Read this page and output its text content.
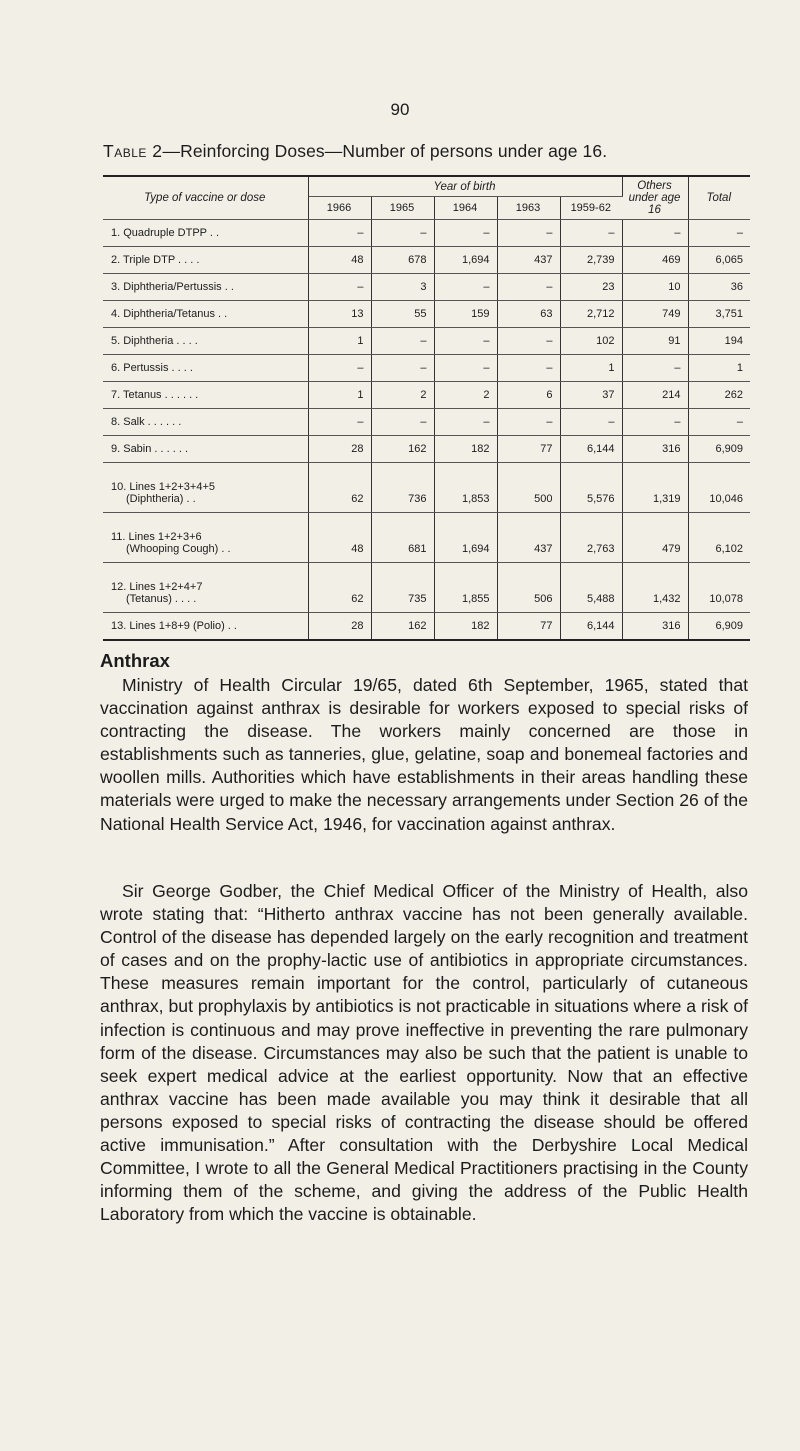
90
Table 2—Reinforcing Doses—Number of persons under age 16.
Type of vaccine or dose	Year of birth					Others under age 16	Total
	1966	1965	1964	1963	1959-62		
1. Quadruple DTPP . .	–	–	–	–	–	–	–
2. Triple DTP . . . .	48	678	1,694	437	2,739	469	6,065
3. Diphtheria/Pertussis . .	–	3	–	–	23	10	36
4. Diphtheria/Tetanus . .	13	55	159	63	2,712	749	3,751
5. Diphtheria . . . .	1	–	–	–	102	91	194
6. Pertussis . . . .	–	–	–	–	1	–	1
7. Tetanus . . . . . .	1	2	2	6	37	214	262
8. Salk . . . . . .	–	–	–	–	–	–	–
9. Sabin . . . . . .	28	162	182	77	6,144	316	6,909

10. Lines 1+2+3+4+5
(Diphtheria) . .	62	736	1,853	500	5,576	1,319	10,046

11. Lines 1+2+3+6
(Whooping Cough) . .	48	681	1,694	437	2,763	479	6,102

12. Lines 1+2+4+7
(Tetanus) . . . .	62	735	1,855	506	5,488	1,432	10,078
13. Lines 1+8+9 (Polio) . .	28	162	182	77	6,144	316	6,909
Anthrax

Ministry of Health Circular 19/65, dated 6th September, 1965, stated that vaccination against anthrax is desirable for workers exposed to special risks of contracting the disease. The workers mainly concerned are those in establishments such as tanneries, glue, gelatine, soap and bonemeal factories and woollen mills. Authorities which have establishments in their areas handling these materials were urged to make the necessary arrangements under Section 26 of the National Health Service Act, 1946, for vaccination against anthrax.

Sir George Godber, the Chief Medical Officer of the Ministry of Health, also wrote stating that: “Hitherto anthrax vaccine has not been generally available. Control of the disease has depended largely on the early recognition and treatment of cases and on the prophy-lactic use of antibiotics in appropriate circumstances. These measures remain important for the control, particularly of cutaneous anthrax, but prophylaxis by antibiotics is not practicable in situations where a risk of infection is continuous and may prove ineffective in preventing the rare pulmonary form of the disease. Circumstances may also be such that the patient is unable to seek expert medical advice at the earliest opportunity. Now that an effective anthrax vaccine has been made available you may think it desirable that all persons exposed to special risks of contracting the disease should be offered active immunisation.” After consultation with the Derbyshire Local Medical Committee, I wrote to all the General Medical Practitioners practising in the County informing them of the scheme, and giving the address of the Public Health Laboratory from which the vaccine is obtainable.
